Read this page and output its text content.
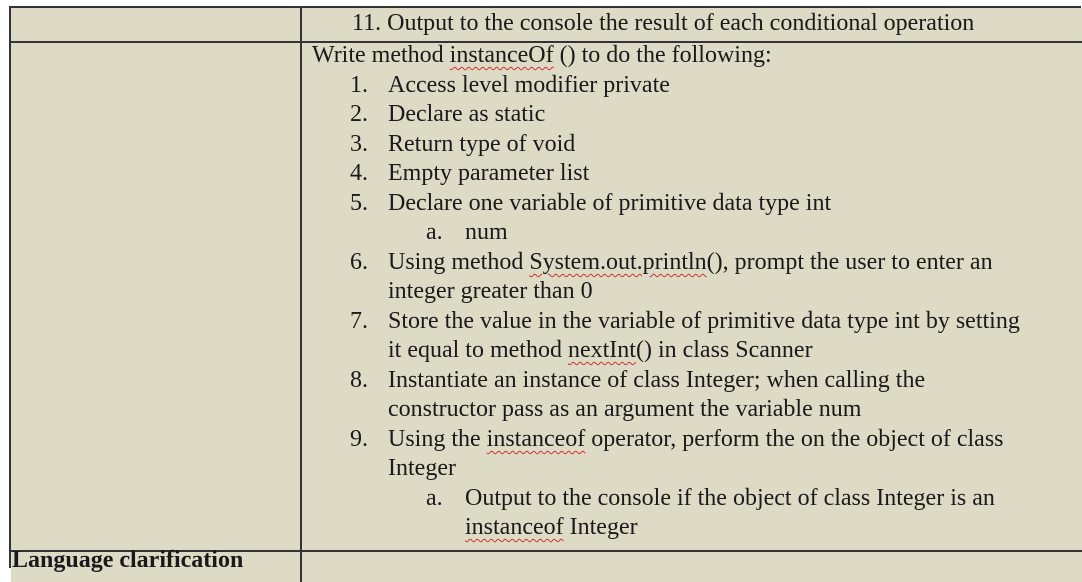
11. Output to the console the result of each conditional operation
Write method instanceOf () to do the following:
1. Access level modifier private
2. Declare as static
3. Return type of void
4. Empty parameter list
5. Declare one variable of primitive data type int
a. num
6. Using method System.out.println(), prompt the user to enter an
integer greater than 0
7. Store the value in the variable of primitive data type int by setting
it equal to method nextInt() in class Scanner
8. Instantiate an instance of class Integer; when calling the
constructor pass as an argument the variable num
9. Using the instanceof operator, perform the on the object of class
Integer
a. Output to the console if the object of class Integer is an
instanceof Integer
Language clarification
